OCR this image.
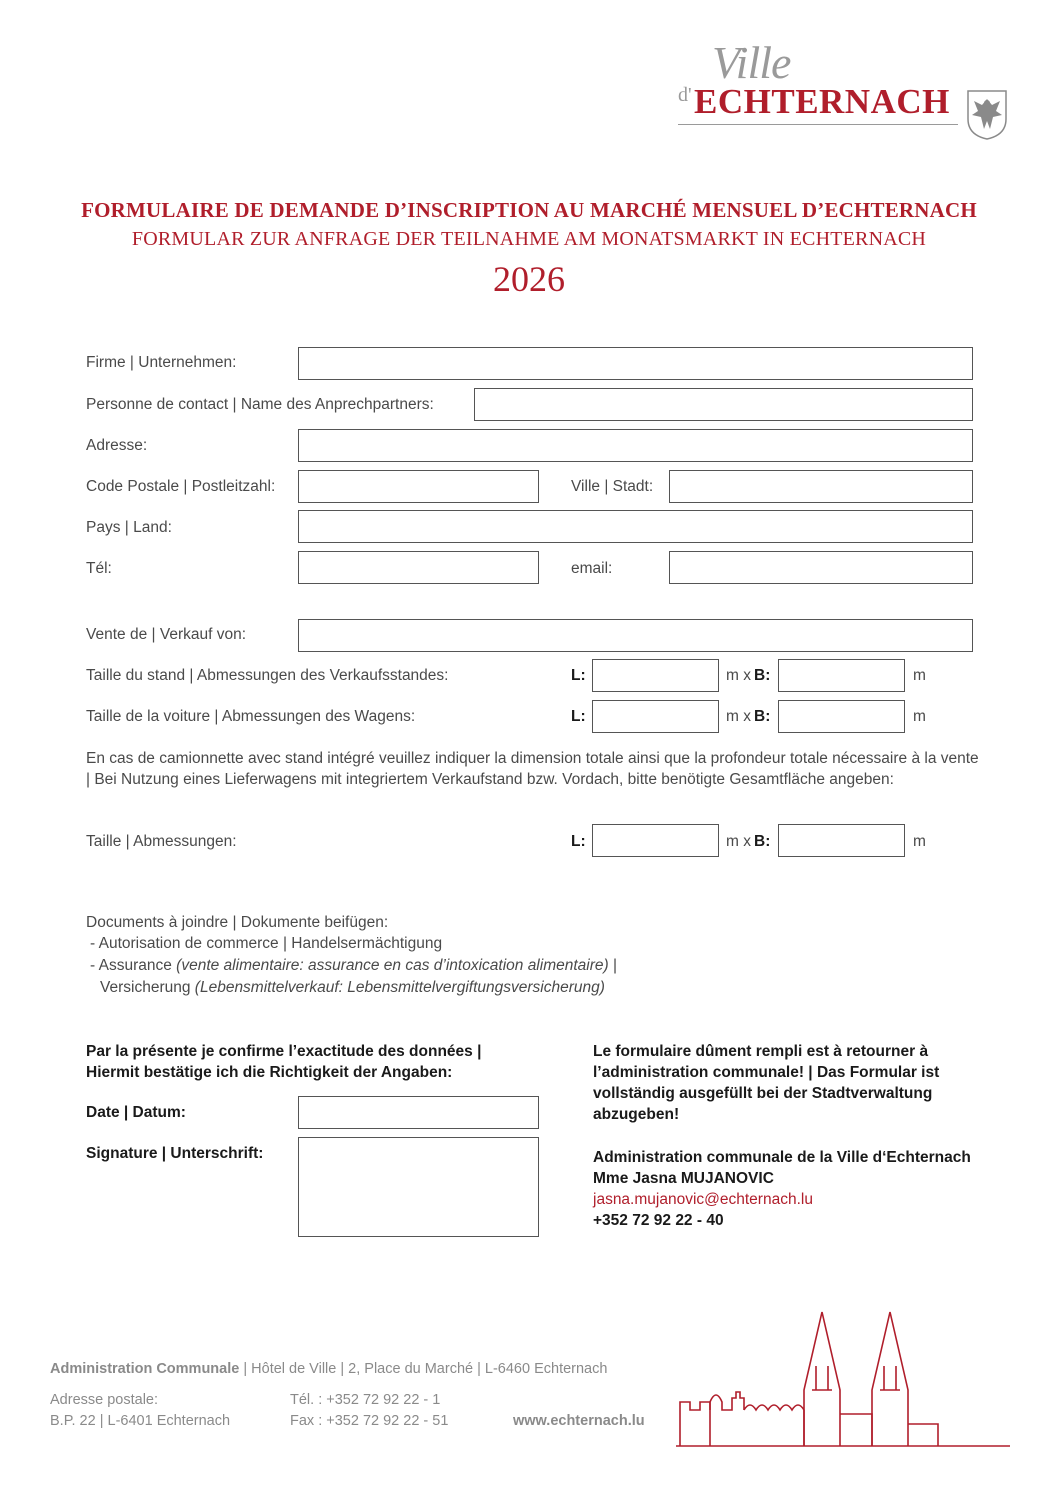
Ville
d' ECHTERNACH
FORMULAIRE DE DEMANDE D’INSCRIPTION AU MARCHÉ MENSUEL D’ECHTERNACH
FORMULAR ZUR ANFRAGE DER TEILNAHME AM MONATSMARKT IN ECHTERNACH
2026
Firme | Unternehmen:
Personne de contact | Name des Anprechpartners:
Adresse:
Code Postale | Postleitzahl:	Ville | Stadt:
Pays | Land:
Tél:	email:
Vente de | Verkauf von:
Taille du stand | Abmessungen des Verkaufsstandes:	L:	m x B:	m
Taille de la voiture | Abmessungen des Wagens:	L:	m x B:	m
En cas de camionnette avec stand intégré veuillez indiquer la dimension totale ainsi que la profondeur totale nécessaire à la vente | Bei Nutzung eines Lieferwagens mit integriertem Verkaufstand bzw. Vordach, bitte benötigte Gesamtfläche angeben:
Taille | Abmessungen:	L:	m x B:	m
Documents à joindre | Dokumente beifügen:
- Autorisation de commerce | Handelsermächtigung
- Assurance (vente alimentaire: assurance en cas d’intoxication alimentaire) |
Versicherung (Lebensmittelverkauf: Lebensmittelvergiftungsversicherung)
Par la présente je confirme l’exactitude des données |
Hiermit bestätige ich die Richtigkeit der Angaben:
Date | Datum:
Signature | Unterschrift:
Le formulaire dûment rempli est à retourner à
l’administration communale! | Das Formular ist
vollständig ausgefüllt bei der Stadtverwaltung
abzugeben!
Administration communale de la Ville d‘Echternach
Mme Jasna MUJANOVIC
jasna.mujanovic@echternach.lu
+352 72 92 22 - 40
Administration Communale | Hôtel de Ville | 2, Place du Marché | L-6460 Echternach
Adresse postale:
B.P. 22 | L-6401 Echternach
Tél. : +352 72 92 22 - 1
Fax : +352 72 92 22 - 51	www.echternach.lu
